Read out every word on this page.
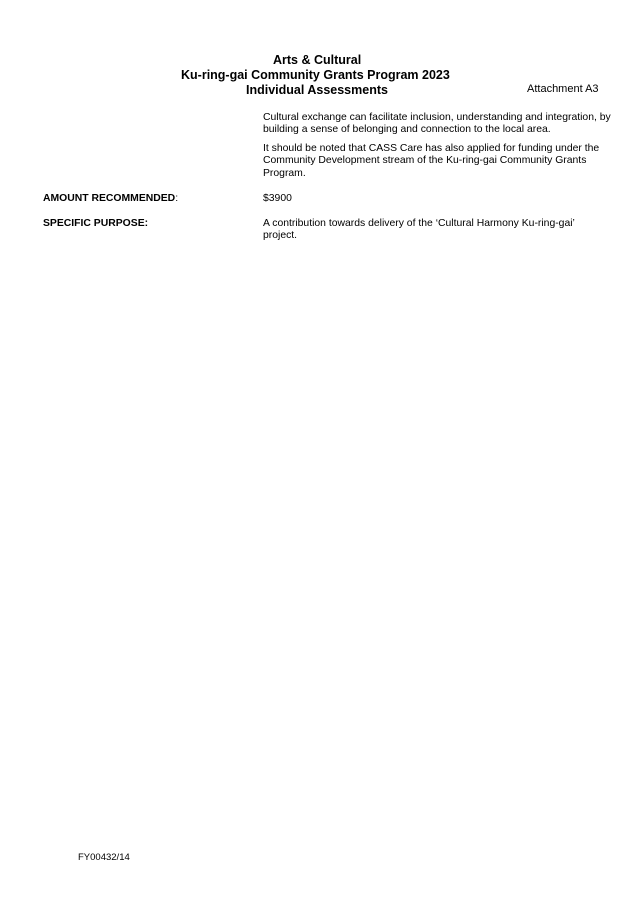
Arts & Cultural
Ku-ring-gai Community Grants Program 2023
Individual Assessments	Attachment A3
Cultural exchange can facilitate inclusion, understanding and integration, by building a sense of belonging and connection to the local area.
It should be noted that CASS Care has also applied for funding under the Community Development stream of the Ku-ring-gai Community Grants Program.
AMOUNT RECOMMENDED:	$3900
SPECIFIC PURPOSE:	A contribution towards delivery of the ‘Cultural Harmony Ku-ring-gai’ project.
FY00432/14
